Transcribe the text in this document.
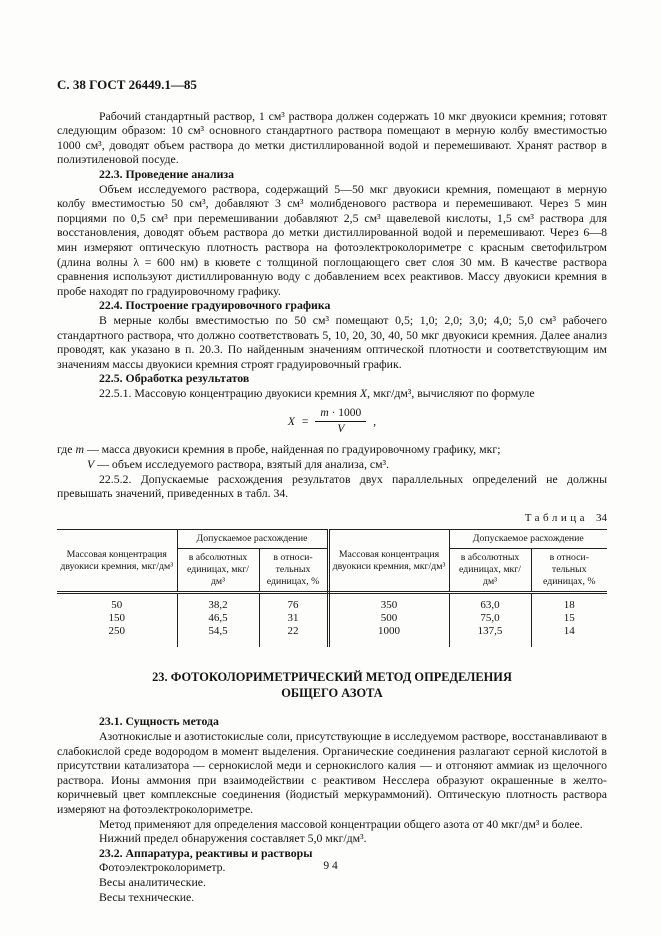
С. 38 ГОСТ 26449.1—85

Рабочий стандартный раствор, 1 см³ раствора должен содержать 10 мкг двуокиси кремния; готовят следующим образом: 10 см³ основного стандартного раствора помещают в мерную колбу вместимостью 1000 см³, доводят объем раствора до метки дистиллированной водой и перемешивают. Хранят раствор в полиэтиленовой посуде.

22.3. Проведение анализа

Объем исследуемого раствора, содержащий 5—50 мкг двуокиси кремния, помещают в мерную колбу вместимостью 50 см³, добавляют 3 см³ молибденового раствора и перемешивают. Через 5 мин порциями по 0,5 см³ при перемешивании добавляют 2,5 см³ щавелевой кислоты, 1,5 см³ раствора для восстановления, доводят объем раствора до метки дистиллированной водой и перемешивают. Через 6—8 мин измеряют оптическую плотность раствора на фотоэлектроколориметре с красным светофильтром (длина волны λ = 600 нм) в кювете с толщиной поглощающего свет слоя 30 мм. В качестве раствора сравнения используют дистиллированную воду с добавлением всех реактивов. Массу двуокиси кремния в пробе находят по градуировочному графику.

22.4. Построение градуировочного графика

В мерные колбы вместимостью по 50 см³ помещают 0,5; 1,0; 2,0; 3,0; 4,0; 5,0 см³ рабочего стандартного раствора, что должно соответствовать 5, 10, 20, 30, 40, 50 мкг двуокиси кремния. Далее анализ проводят, как указано в п. 20.3. По найденным значениям оптической плотности и соответствующим им значениям массы двуокиси кремния строят градуировочный график.

22.5. Обработка результатов

22.5.1. Массовую концентрацию двуокиси кремния X, мкг/дм³, вычисляют по формуле

$X = \frac{m \cdot 1000}{V}$ ,

где m — масса двуокиси кремния в пробе, найденная по градуировочному графику, мкг;

V — объем исследуемого раствора, взятый для анализа, см³.

22.5.2. Допускаемые расхождения результатов двух параллельных определений не должны превышать значений, приведенных в табл. 34.

Таблица 34
Массовая концентрация двуокиси кремния, мкг/дм³	Допускаемое расхождение		Массовая концентрация двуокиси кремния, мкг/дм³	Допускаемое расхождение	
	в абсолютных единицах, мкг/дм³	в относительных единицах, %		в абсолютных единицах, мкг/дм³	в относительных единицах, %
50	38,2	76	350	63,0	18
150	46,5	31	500	75,0	15
250	54,5	22	1000	137,5	14
23. ФОТОКОЛОРИМЕТРИЧЕСКИЙ МЕТОД ОПРЕДЕЛЕНИЯ
ОБЩЕГО АЗОТА

23.1. Сущность метода

Азотнокислые и азотистокислые соли, присутствующие в исследуемом растворе, восстанавливают в слабокислой среде водородом в момент выделения. Органические соединения разлагают серной кислотой в присутствии катализатора — сернокислой меди и сернокислого калия — и отгоняют аммиак из щелочного раствора. Ионы аммония при взаимодействии с реактивом Несслера образуют окрашенные в желто-коричневый цвет комплексные соединения (йодистый меркураммоний). Оптическую плотность раствора измеряют на фотоэлектроколориметре.

Метод применяют для определения массовой концентрации общего азота от 40 мкг/дм³ и более.

Нижний предел обнаружения составляет 5,0 мкг/дм³.

23.2. Аппаратура, реактивы и растворы

Фотоэлектроколориметр.

Весы аналитические.

Весы технические.

9 4
